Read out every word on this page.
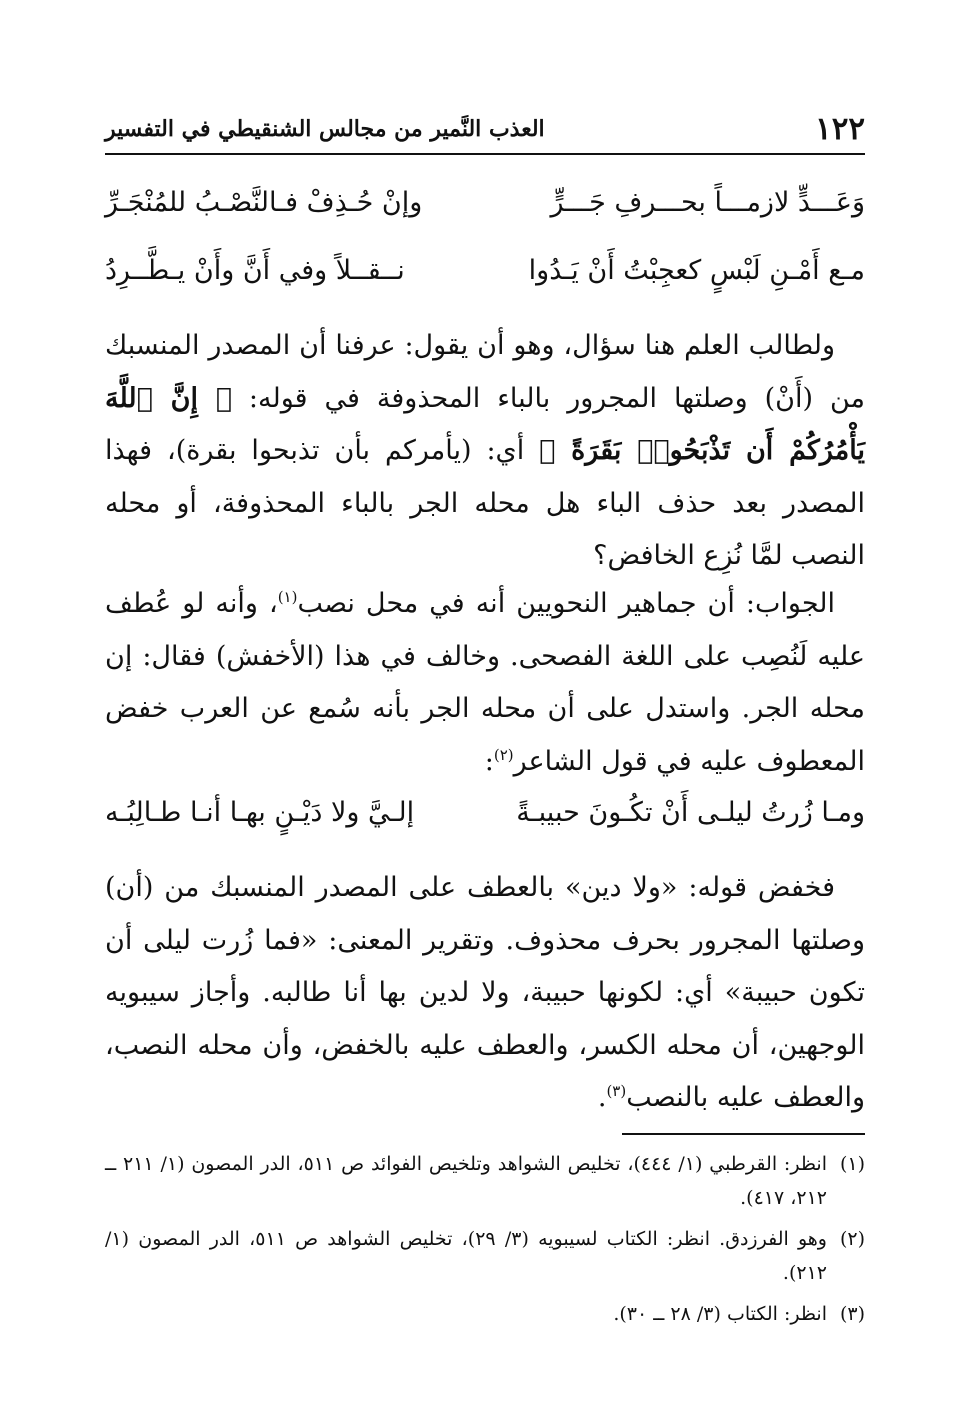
١٢٢
العذب النَّمير من مجالس الشنقيطي في التفسير
وَعَـــدٍّ لازمـــاً بحـــرفِ جَـــرٍّ
وإنْ حُـذِفْ فـالنَّصْـبُ للمُنْجَـرِّ
مـع أَمْـنِ لَبْسٍ كعجِبْتُ أَنْ يَـدُوا
نــقــلاً وفي أَنَّ وأَنْ يـطَّــرِدُ

ولطالب العلم هنا سؤال، وهو أن يقول: عرفنا أن المصدر المنسبك من (أَنْ) وصلتها المجرور بالباء المحذوفة في قوله: ﴿ إِنَّ ٱللَّهَ يَأْمُرُكُمْ أَن تَذْبَحُوا۟ بَقَرَةً ﴾ أي: (يأمركم بأن تذبحوا بقرة)، فهذا المصدر بعد حذف الباء هل محله الجر بالباء المحذوفة، أو محله النصب لمَّا نُزِع الخافض؟

الجواب: أن جماهير النحويين أنه في محل نصب$^{(١)}$، وأنه لو عُطف عليه لَنُصِب على اللغة الفصحى. وخالف في هذا (الأخفش) فقال: إن محله الجر. واستدل على أن محله الجر بأنه سُمع عن العرب خفض المعطوف عليه في قول الشاعر$^{(٢)}$:

ومـا زُرتُ ليلـى أَنْ تكُـونَ حبيبـةً
إلـيَّ ولا دَيْـنٍ بهـا أنـا طـالِبُـه

فخفض قوله: «ولا دين» بالعطف على المصدر المنسبك من (أن) وصلتها المجرور بحرف محذوف. وتقرير المعنى: «فما زُرت ليلى أن تكون حبيبة» أي: لكونها حبيبة، ولا لدين بها أنا طالبه. وأجاز سيبويه الوجهين، أن محله الكسر، والعطف عليه بالخفض، وأن محله النصب، والعطف عليه بالنصب$^{(٣)}$.

(١)
انظر: القرطبي (١/ ٤٤٤)، تخليص الشواهد وتلخيص الفوائد ص ٥١١، الدر المصون (١/ ٢١١ ــ ٢١٢، ٤١٧).
(٢)
وهو الفرزدق. انظر: الكتاب لسيبويه (٣/ ٢٩)، تخليص الشواهد ص ٥١١، الدر المصون (١/ ٢١٢).
(٣)
انظر: الكتاب (٣/ ٢٨ ــ ٣٠).
